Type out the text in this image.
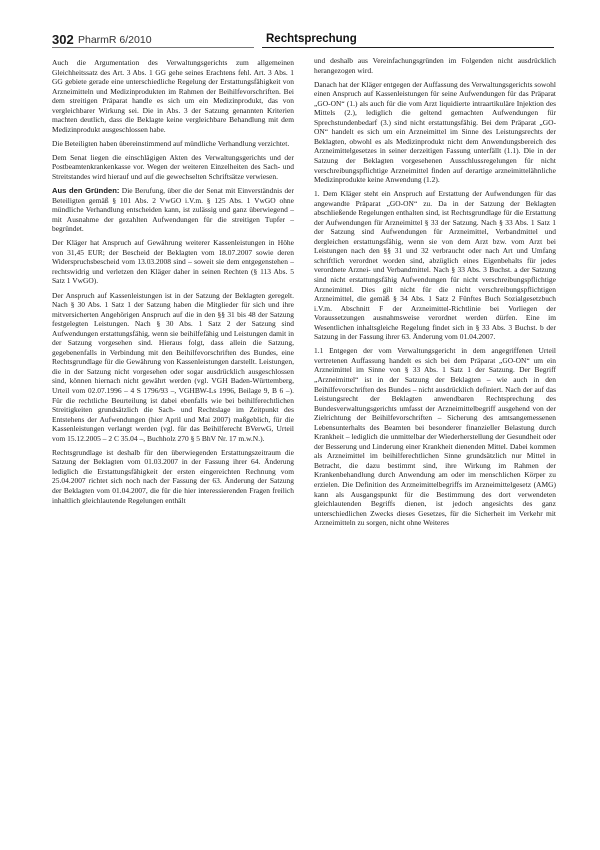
302 PharmR 6/2010	Rechtsprechung

Auch die Argumentation des Verwaltungsgerichts zum allgemeinen Gleichheitssatz des Art. 3 Abs. 1 GG gehe seines Erachtens fehl. Art. 3 Abs. 1 GG gebiete gerade eine unterschiedliche Regelung der Erstattungsfähigkeit von Arzneimitteln und Medizinprodukten im Rahmen der Beihilfevorschriften. Bei dem streitigen Präparat handle es sich um ein Medizinprodukt, das von vergleichbarer Wirkung sei. Die in Abs. 3 der Satzung genannten Kriterien machten deutlich, dass die Beklagte keine vergleichbare Behandlung mit dem Medizinprodukt ausgeschlossen habe.

Die Beteiligten haben übereinstimmend auf mündliche Verhandlung verzichtet.

Dem Senat liegen die einschlägigen Akten des Verwaltungsgerichts und der Postbeamtenkrankenkasse vor. Wegen der weiteren Einzelheiten des Sach- und Streitstandes wird hierauf und auf die gewechselten Schriftsätze verwiesen.

Aus den Gründen: Die Berufung, über die der Senat mit Einverständnis der Beteiligten gemäß § 101 Abs. 2 VwGO i.V.m. § 125 Abs. 1 VwGO ohne mündliche Verhandlung entscheiden kann, ist zulässig und ganz überwiegend – mit Ausnahme der gezahlten Aufwendungen für die streitigen Tupfer – begründet.

Der Kläger hat Anspruch auf Gewährung weiterer Kassenleistungen in Höhe von 31,45 EUR; der Bescheid der Beklagten vom 18.07.2007 sowie deren Widerspruchsbescheid vom 13.03.2008 sind – soweit sie dem entgegenstehen – rechtswidrig und verletzen den Kläger daher in seinen Rechten (§ 113 Abs. 5 Satz 1 VwGO).

Der Anspruch auf Kassenleistungen ist in der Satzung der Beklagten geregelt. Nach § 30 Abs. 1 Satz 1 der Satzung haben die Mitglieder für sich und ihre mitversicherten Angehörigen Anspruch auf die in den §§ 31 bis 48 der Satzung festgelegten Leistungen. Nach § 30 Abs. 1 Satz 2 der Satzung sind Aufwendungen erstattungsfähig, wenn sie beihilfefähig und Leistungen damit in der Satzung vorgesehen sind. Hieraus folgt, dass allein die Satzung, gegebenenfalls in Verbindung mit den Beihilfevorschriften des Bundes, eine Rechtsgrundlage für die Gewährung von Kassenleistungen darstellt. Leistungen, die in der Satzung nicht vorgesehen oder sogar ausdrücklich ausgeschlossen sind, können hiernach nicht gewährt werden (vgl. VGH Baden-Württemberg, Urteil vom 02.07.1996 – 4 S 1796/93 –, VGHBW-Ls 1996, Beilage 9, B 6 –). Für die rechtliche Beurteilung ist dabei ebenfalls wie bei beihilferechtlichen Streitigkeiten grundsätzlich die Sach- und Rechtslage im Zeitpunkt des Entstehens der Aufwendungen (hier April und Mai 2007) maßgeblich, für die Kassenleistungen verlangt werden (vgl. für das Beihilferecht BVerwG, Urteil vom 15.12.2005 – 2 C 35.04 –, Buchholz 270 § 5 BhV Nr. 17 m.w.N.).

Rechtsgrundlage ist deshalb für den überwiegenden Erstattungszeitraum die Satzung der Beklagten vom 01.03.2007 in der Fassung ihrer 64. Änderung lediglich die Erstattungsfähigkeit der ersten eingereichten Rechnung vom 25.04.2007 richtet sich noch nach der Fassung der 63. Änderung der Satzung der Beklagten vom 01.04.2007, die für die hier interessierenden Fragen freilich inhaltlich gleichlautende Regelungen enthält

und deshalb aus Vereinfachungsgründen im Folgenden nicht ausdrücklich herangezogen wird.

Danach hat der Kläger entgegen der Auffassung des Verwaltungsgerichts sowohl einen Anspruch auf Kassenleistungen für seine Aufwendungen für das Präparat „GO-ON“ (1.) als auch für die vom Arzt liquidierte intraartikuläre Injektion des Mittels (2.), lediglich die geltend gemachten Aufwendungen für Sprechstundenbedarf (3.) sind nicht erstattungsfähig. Bei dem Präparat „GO-ON“ handelt es sich um ein Arzneimittel im Sinne des Leistungsrechts der Beklagten, obwohl es als Medizinprodukt nicht dem Anwendungsbereich des Arzneimittelgesetzes in seiner derzeitigen Fassung unterfällt (1.1). Die in der Satzung der Beklagten vorgesehenen Ausschlussregelungen für nicht verschreibungspflichtige Arzneimittel finden auf derartige arzneimittelähnliche Medizinprodukte keine Anwendung (1.2).

1. Dem Kläger steht ein Anspruch auf Erstattung der Aufwendungen für das angewandte Präparat „GO-ON“ zu. Da in der Satzung der Beklagten abschließende Regelungen enthalten sind, ist Rechtsgrundlage für die Erstattung der Aufwendungen für Arzneimittel § 33 der Satzung. Nach § 33 Abs. 1 Satz 1 der Satzung sind Aufwendungen für Arzneimittel, Verbandmittel und dergleichen erstattungsfähig, wenn sie von dem Arzt bzw. vom Arzt bei Leistungen nach den §§ 31 und 32 verbraucht oder nach Art und Umfang schriftlich verordnet worden sind, abzüglich eines Eigenbehalts für jedes verordnete Arznei- und Verbandmittel. Nach § 33 Abs. 3 Buchst. a der Satzung sind nicht erstattungsfähig Aufwendungen für nicht verschreibungspflichtige Arzneimittel. Dies gilt nicht für die nicht verschreibungspflichtigen Arzneimittel, die gemäß § 34 Abs. 1 Satz 2 Fünftes Buch Sozialgesetzbuch i.V.m. Abschnitt F der Arzneimittel-Richtlinie bei Vorliegen der Voraussetzungen ausnahmsweise verordnet werden dürfen. Eine im Wesentlichen inhaltsgleiche Regelung findet sich in § 33 Abs. 3 Buchst. b der Satzung in der Fassung ihrer 63. Änderung vom 01.04.2007.

1.1 Entgegen der vom Verwaltungsgericht in dem angegriffenen Urteil vertretenen Auffassung handelt es sich bei dem Präparat „GO-ON“ um ein Arzneimittel im Sinne von § 33 Abs. 1 Satz 1 der Satzung. Der Begriff „Arzneimittel“ ist in der Satzung der Beklagten – wie auch in den Beihilfevorschriften des Bundes – nicht ausdrücklich definiert. Nach der auf das Leistungsrecht der Beklagten anwendbaren Rechtsprechung des Bundesverwaltungsgerichts umfasst der Arzneimittelbegriff ausgehend von der Zielrichtung der Beihilfevorschriften – Sicherung des amtsangemessenen Lebensunterhalts des Beamten bei besonderer finanzieller Belastung durch Krankheit – lediglich die unmittelbar der Wiederherstellung der Gesundheit oder der Besserung und Linderung einer Krankheit dienenden Mittel. Dabei kommen als Arzneimittel im beihilferechtlichen Sinne grundsätzlich nur Mittel in Betracht, die dazu bestimmt sind, ihre Wirkung im Rahmen der Krankenbehandlung durch Anwendung am oder im menschlichen Körper zu erzielen. Die Definition des Arzneimittelbegriffs im Arzneimittelgesetz (AMG) kann als Ausgangspunkt für die Bestimmung des dort verwendeten gleichlautenden Begriffs dienen, ist jedoch angesichts des ganz unterschiedlichen Zwecks dieses Gesetzes, für die Sicherheit im Verkehr mit Arzneimitteln zu sorgen, nicht ohne Weiteres
